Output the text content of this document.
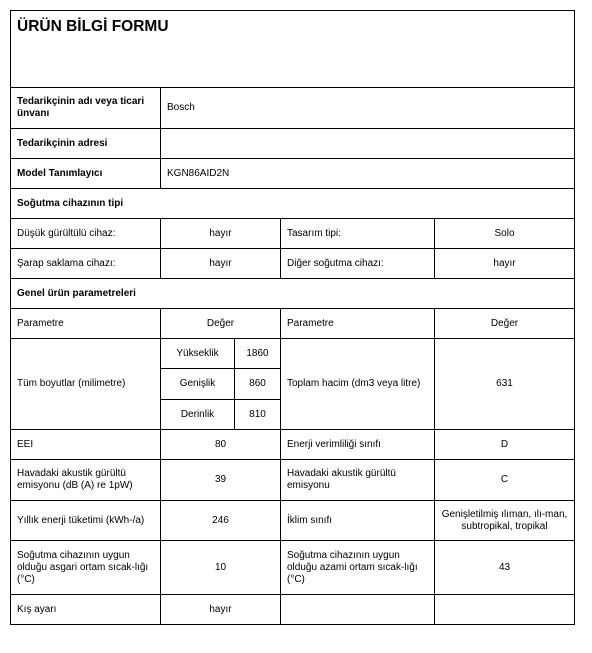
ÜRÜN BİLGİ FORMU				
Tedarikçinin adı veya ticari ünvanı	Bosch			
Tedarikçinin adresi				
Model Tanımlayıcı	KGN86AID2N			
Soğutma cihazının tipi				
Düşük gürültülü cihaz:	hayır		Tasarım tipi:	Solo
Şarap saklama cihazı:	hayır		Diğer soğutma cihazı:	hayır
Genel ürün parametreleri				
Parametre	Değer		Parametre	Değer
Tüm boyutlar (milimetre)	Yükseklik	1860	Toplam hacim (dm3 veya litre)	631
	Genişlik	860		
	Derinlik	810		
EEI	80		Enerji verimliliği sınıfı	D
Havadaki akustik gürültü emisyonu (dB (A) re 1pW)	39		Havadaki akustik gürültü emisyonu	C
Yıllık enerji tüketimi (kWh-/a)	246		İklim sınıfı	Genişletilmiş ılıman, ılı-man, subtropikal, tropikal
Soğutma cihazının uygun olduğu asgari ortam sıcak-lığı (°C)	10		Soğutma cihazının uygun olduğu azami ortam sıcak-lığı (°C)	43
Kış ayarı	hayır			
